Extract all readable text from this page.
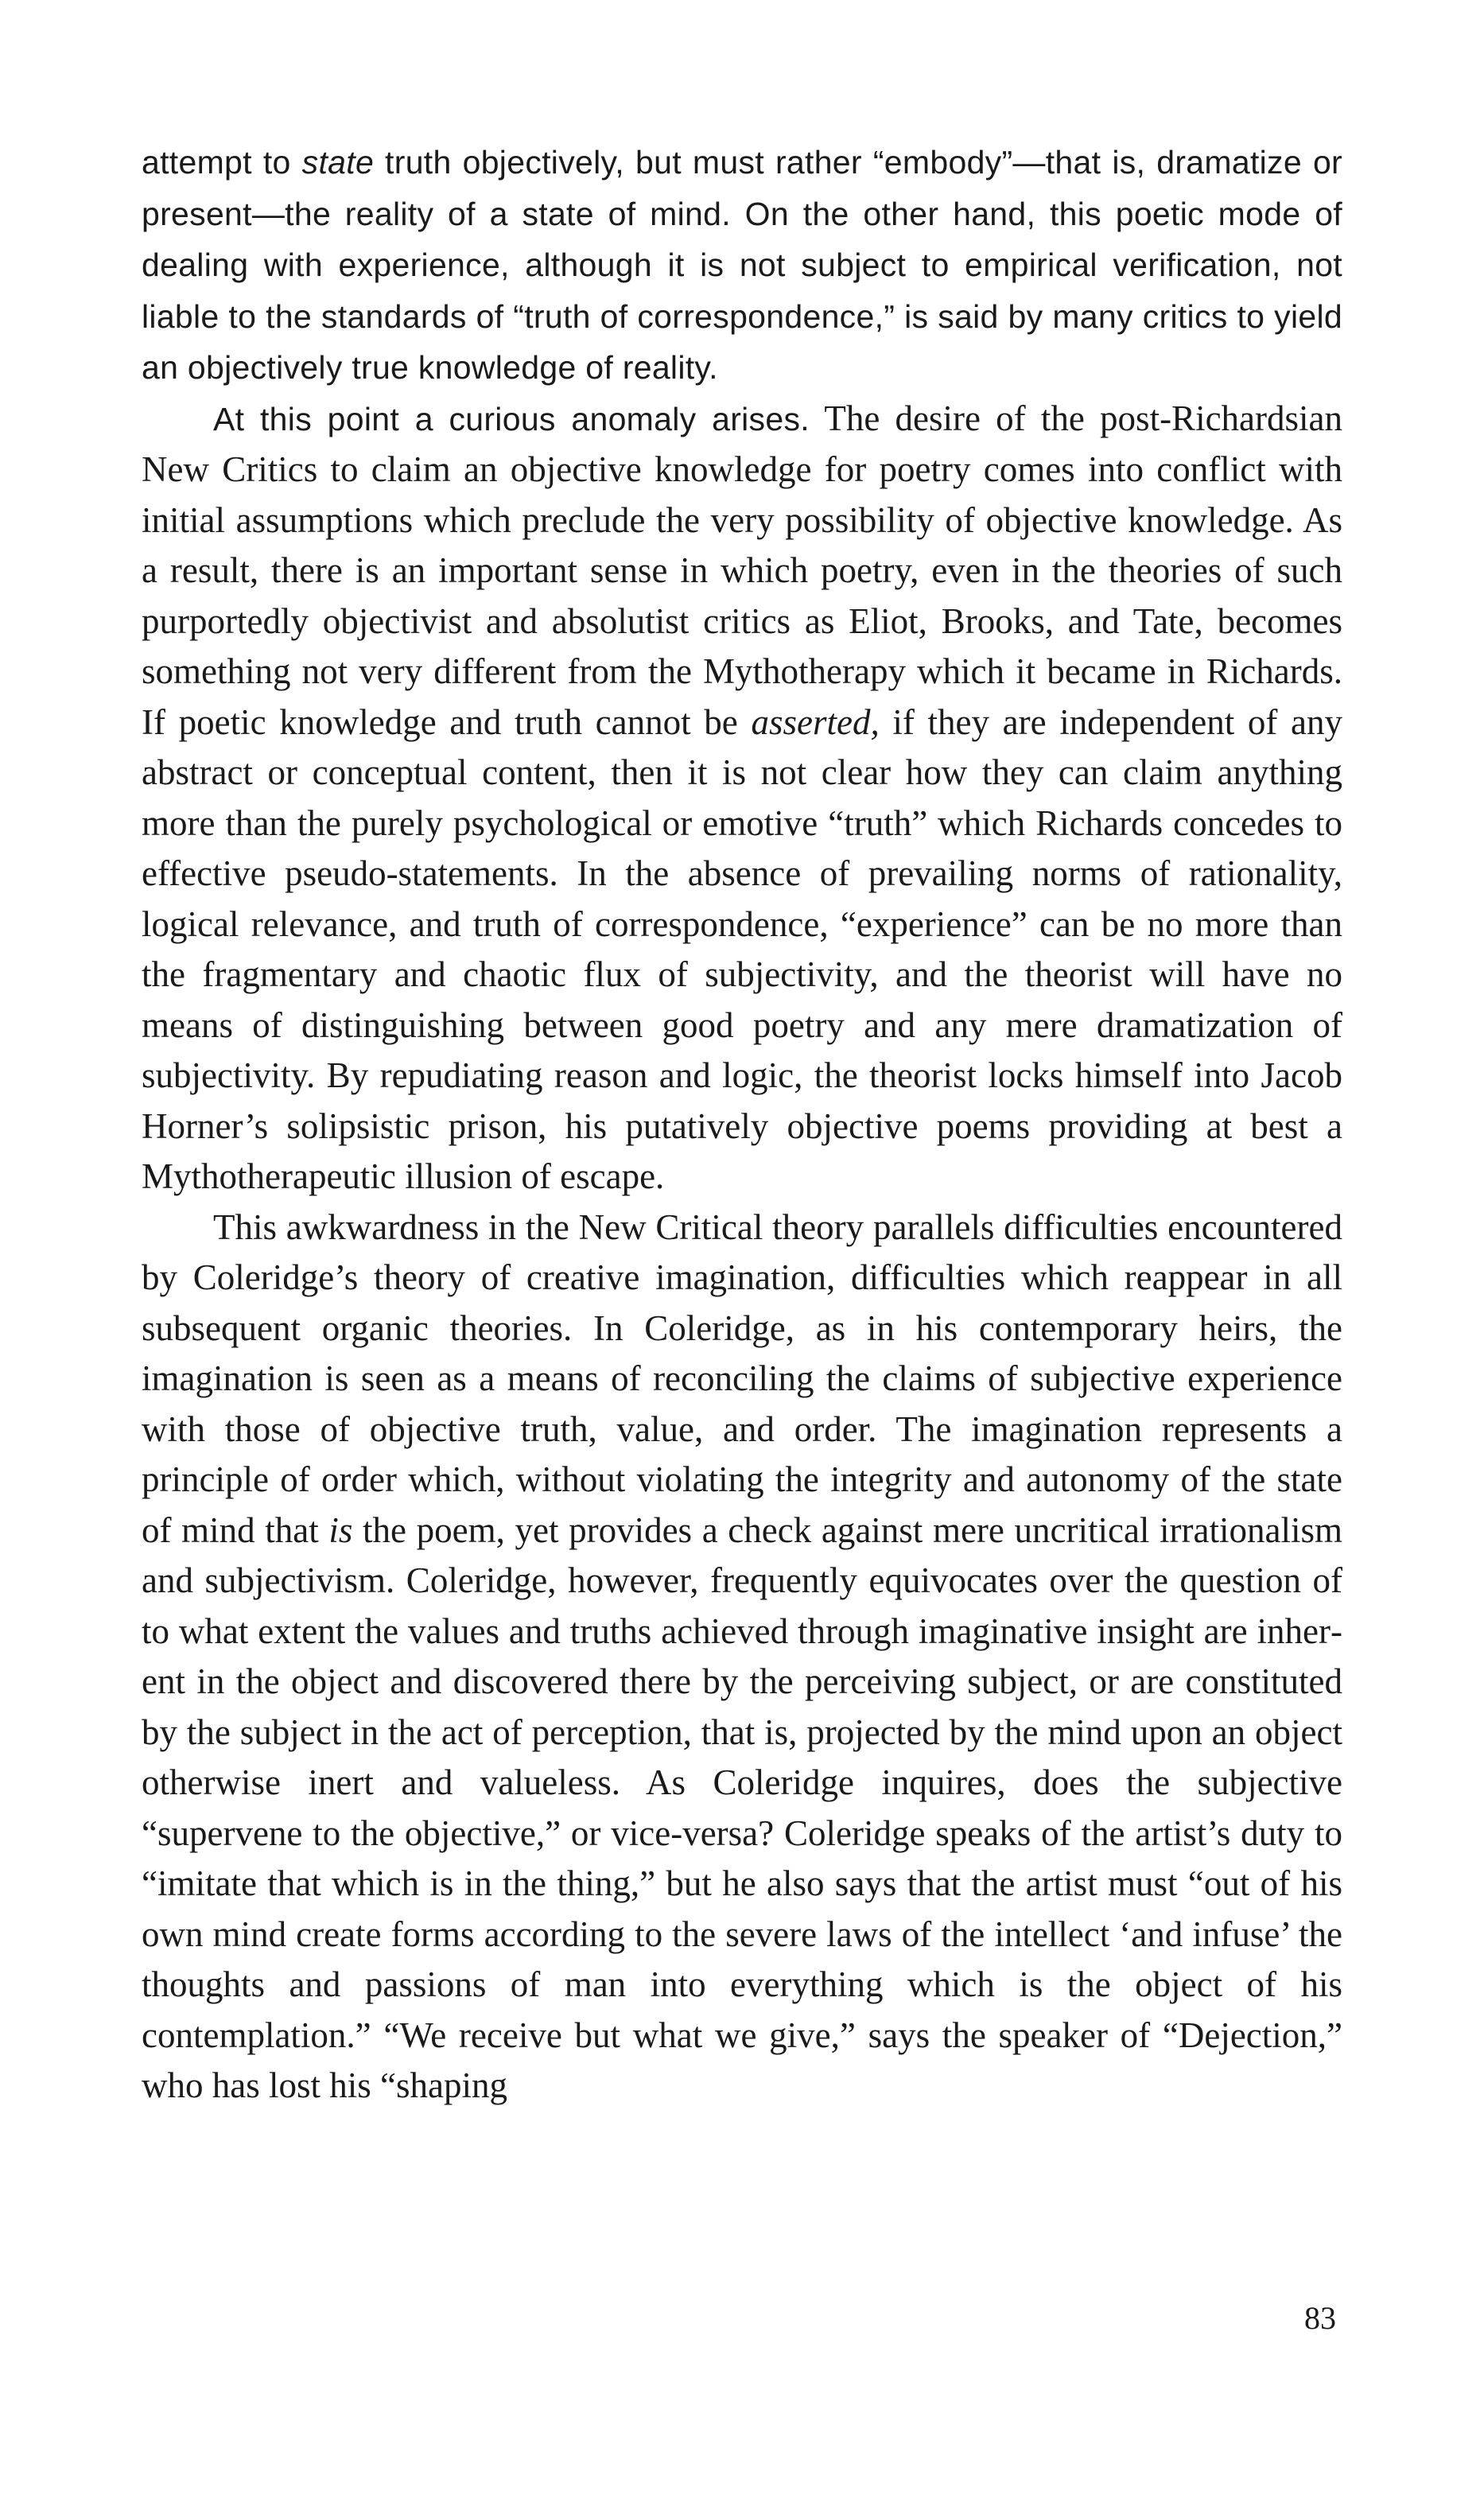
attempt to state truth objectively, but must rather “embody”—that is, dramatize or present—the reality of a state of mind. On the other hand, this poetic mode of dealing with experience, although it is not subject to empirical verification, not liable to the standards of “truth of correspondence,” is said by many critics to yield an objectively true knowledge of reality.

At this point a curious anomaly arises. The desire of the post-Richardsian New Critics to claim an objective knowledge for poetry comes into conflict with initial assumptions which preclude the very possibility of objective knowledge. As a result, there is an important sense in which poetry, even in the theories of such purportedly objectivist and absolutist critics as Eliot, Brooks, and Tate, becomes something not very different from the Mythotherapy which it became in Richards. If poetic knowledge and truth cannot be asserted, if they are independent of any abstract or conceptual content, then it is not clear how they can claim anything more than the purely psychological or emotive “truth” which Richards concedes to effective pseudo-statements. In the absence of prevailing norms of rationality, logical relevance, and truth of correspondence, “experience” can be no more than the fragmentary and chaotic flux of subjectivity, and the theorist will have no means of distinguishing between good poetry and any mere dramatization of subjectivity. By repudiating reason and logic, the theorist locks himself into Jacob Horner’s solipsistic prison, his putatively objective poems providing at best a Mythotherapeutic illusion of escape.

This awkwardness in the New Critical theory parallels difficulties encountered by Coleridge’s theory of creative imagination, difficulties which reappear in all subsequent organic theories. In Coleridge, as in his contemporary heirs, the imagination is seen as a means of reconciling the claims of subjective experience with those of objective truth, value, and order. The imagination represents a principle of order which, without violating the integrity and autonomy of the state of mind that is the poem, yet provides a check against mere uncritical irrationalism and subjectivism. Coleridge, however, frequently equivocates over the question of to what extent the values and truths achieved through imaginative insight are inherent in the object and discovered there by the perceiving subject, or are constituted by the subject in the act of perception, that is, projected by the mind upon an object otherwise inert and valueless. As Coleridge inquires, does the subjective “supervene to the objective,” or vice-versa? Coleridge speaks of the artist’s duty to “imitate that which is in the thing,” but he also says that the artist must “out of his own mind create forms according to the severe laws of the intellect ‘and infuse’ the thoughts and passions of man into everything which is the object of his contemplation.” “We receive but what we give,” says the speaker of “Dejection,” who has lost his “shaping

83
